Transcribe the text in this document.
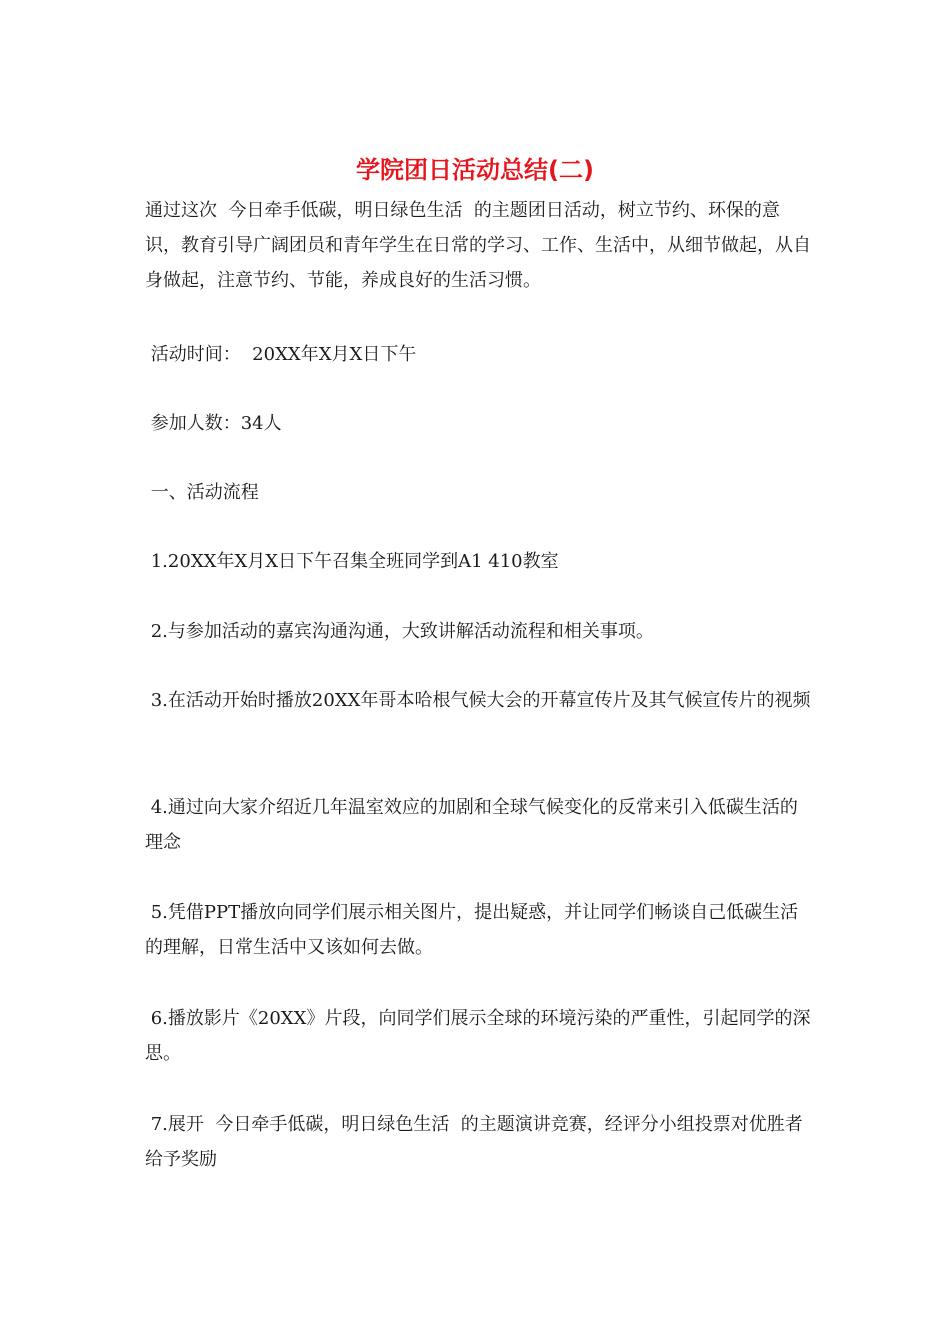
学院团日活动总结(二)
通过这次  今日牵手低碳，明日绿色生活  的主题团日活动，树立节约、环保的意识，教育引导广阔团员和青年学生在日常的学习、工作、生活中，从细节做起，从自身做起，注意节约、节能，养成良好的生活习惯。
活动时间：  20XX年X月X日下午
参加人数：34人
一、活动流程
1.20XX年X月X日下午召集全班同学到A1 410教室
2.与参加活动的嘉宾沟通沟通，大致讲解活动流程和相关事项。
3.在活动开始时播放20XX年哥本哈根气候大会的开幕宣传片及其气候宣传片的视频
4.通过向大家介绍近几年温室效应的加剧和全球气候变化的反常来引入低碳生活的理念
5.凭借PPT播放向同学们展示相关图片，提出疑惑，并让同学们畅谈自己低碳生活的理解，日常生活中又该如何去做。
6.播放影片《20XX》片段，向同学们展示全球的环境污染的严重性，引起同学的深思。
7.展开  今日牵手低碳，明日绿色生活  的主题演讲竞赛，经评分小组投票对优胜者给予奖励
